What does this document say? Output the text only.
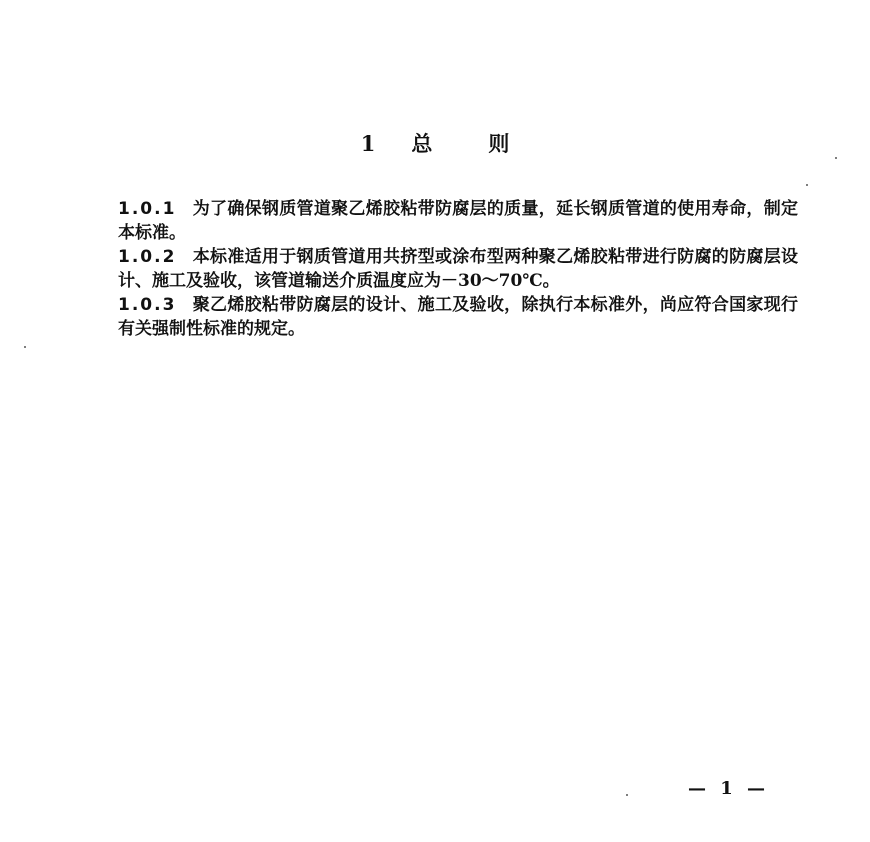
1 总	则

1.0.1 为了确保钢质管道聚乙烯胶粘带防腐层的质量，延长钢质管道的使用寿命，制定本标准。

1.0.2 本标准适用于钢质管道用共挤型或涂布型两种聚乙烯胶粘带进行防腐的防腐层设计、施工及验收，该管道输送介质温度应为－30～70℃。

1.0.3 聚乙烯胶粘带防腐层的设计、施工及验收，除执行本标准外，尚应符合国家现行有关强制性标准的规定。

— 1 —
